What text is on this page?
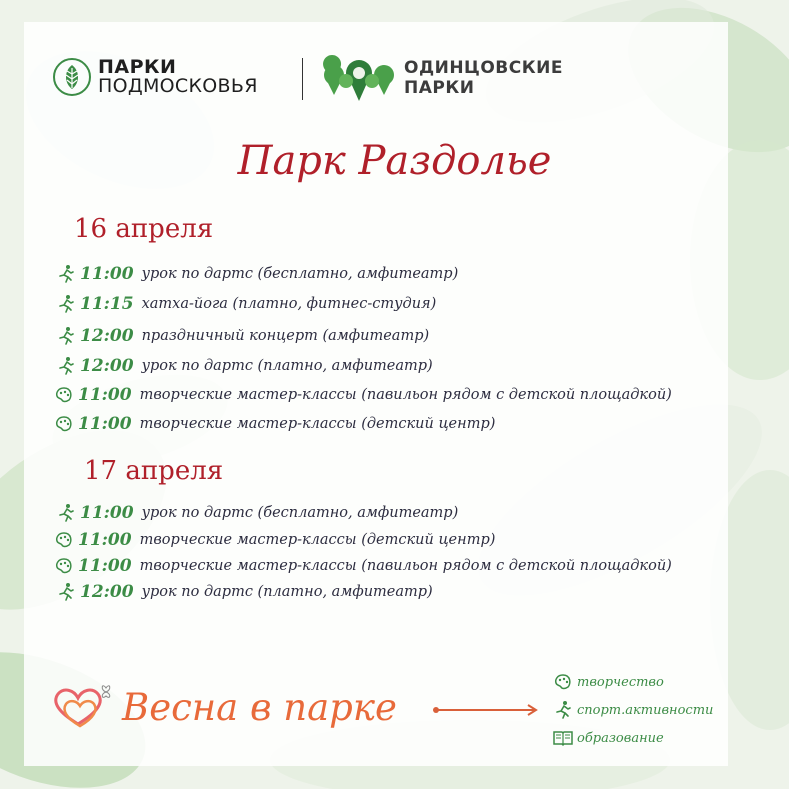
ПАРКИ
ПОДМОСКОВЬЯ
ОДИНЦОВСКИЕ
ПАРКИ
Парк Раздолье
16 апреля
11:00 урок по дартс (бесплатно, амфитеатр)
11:15 хатха-йога (платно, фитнес-студия)
12:00 праздничный концерт (амфитеатр)
12:00 урок по дартс (платно, амфитеатр)
11:00 творческие мастер-классы (павильон рядом с детской площадкой)
11:00 творческие мастер-классы (детский центр)
17 апреля
11:00 урок по дартс (бесплатно, амфитеатр)
11:00 творческие мастер-классы (детский центр)
11:00 творческие мастер-классы (павильон рядом с детской площадкой)
12:00 урок по дартс (платно, амфитеатр)
Весна в парке
творчество
спорт.активности
образование
